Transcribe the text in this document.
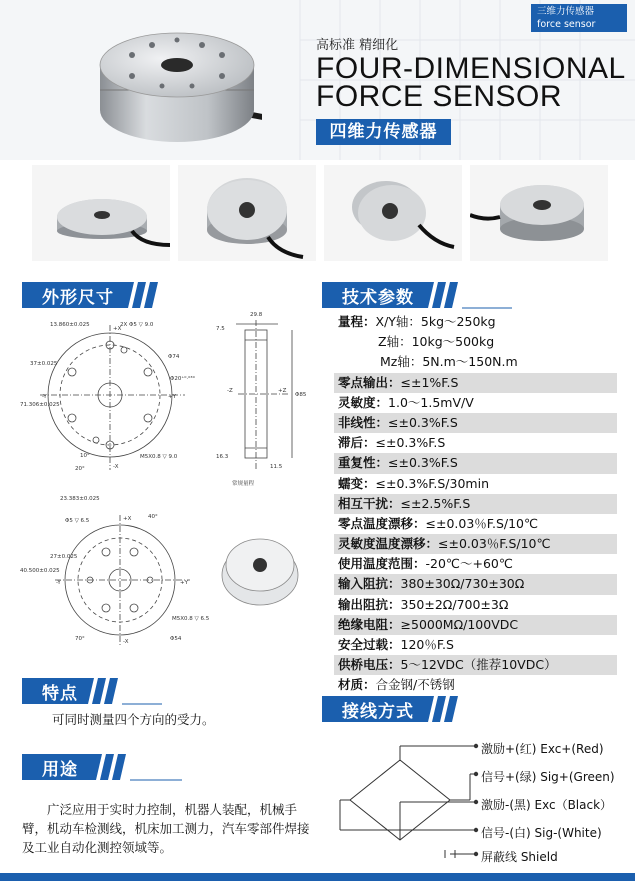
三维力传感器
force sensor
高标准 精细化
FOUR-DIMENSIONAL
FORCE SENSOR
四维力传感器
外形尺寸	技术参数
13.860±0.025	2X Φ5 ▽ 9.0
37±0.025
71.306±0.025
Φ74
Φ20⁺⁰·⁰³⁰
10°
20°
M5X0.8 ▽ 9.0
+Y
-Y
+X
-X
29.8
7.5
-Z	+Z
Φ85
16.3
11.5
常规量程
23.383±0.025
Φ5 ▽ 6.5
40°
27±0.025
40.500±0.025
M5X0.8 ▽ 6.5
Φ54
70°
+Y
-Y
+X
-X
量程：X/Y轴：5kg～250kg
Z轴：10kg～500kg
Mz轴：5N.m～150N.m
零点输出：≤±1%F.S
灵敏度：1.0～1.5mV/V
非线性：≤±0.3%F.S
滞后：≤±0.3%F.S
重复性：≤±0.3%F.S
蠕变：≤±0.3%F.S/30min
相互干扰：≤±2.5%F.S
零点温度漂移：≤±0.03％F.S/10℃
灵敏度温度漂移：≤±0.03％F.S/10℃
使用温度范围：-20℃～+60℃
输入阻抗：380±30Ω/730±30Ω
输出阻抗：350±2Ω/700±3Ω
绝缘电阻：≥5000MΩ/100VDC
安全过载：120％F.S
供桥电压：5～12VDC（推荐10VDC）
材质：合金钢/不锈钢
特点
可同时测量四个方向的受力。
用途
广泛应用于实时力控制，机器人装配，机械手臂，机动车检测线，机床加工测力，汽车零部件焊接及工业自动化测控领域等。
接线方式
激励+(红) Exc+(Red)
信号+(绿) Sig+(Green)
激励-(黑) Exc（Black）
信号-(白) Sig-(White)
屏蔽线 Shield
